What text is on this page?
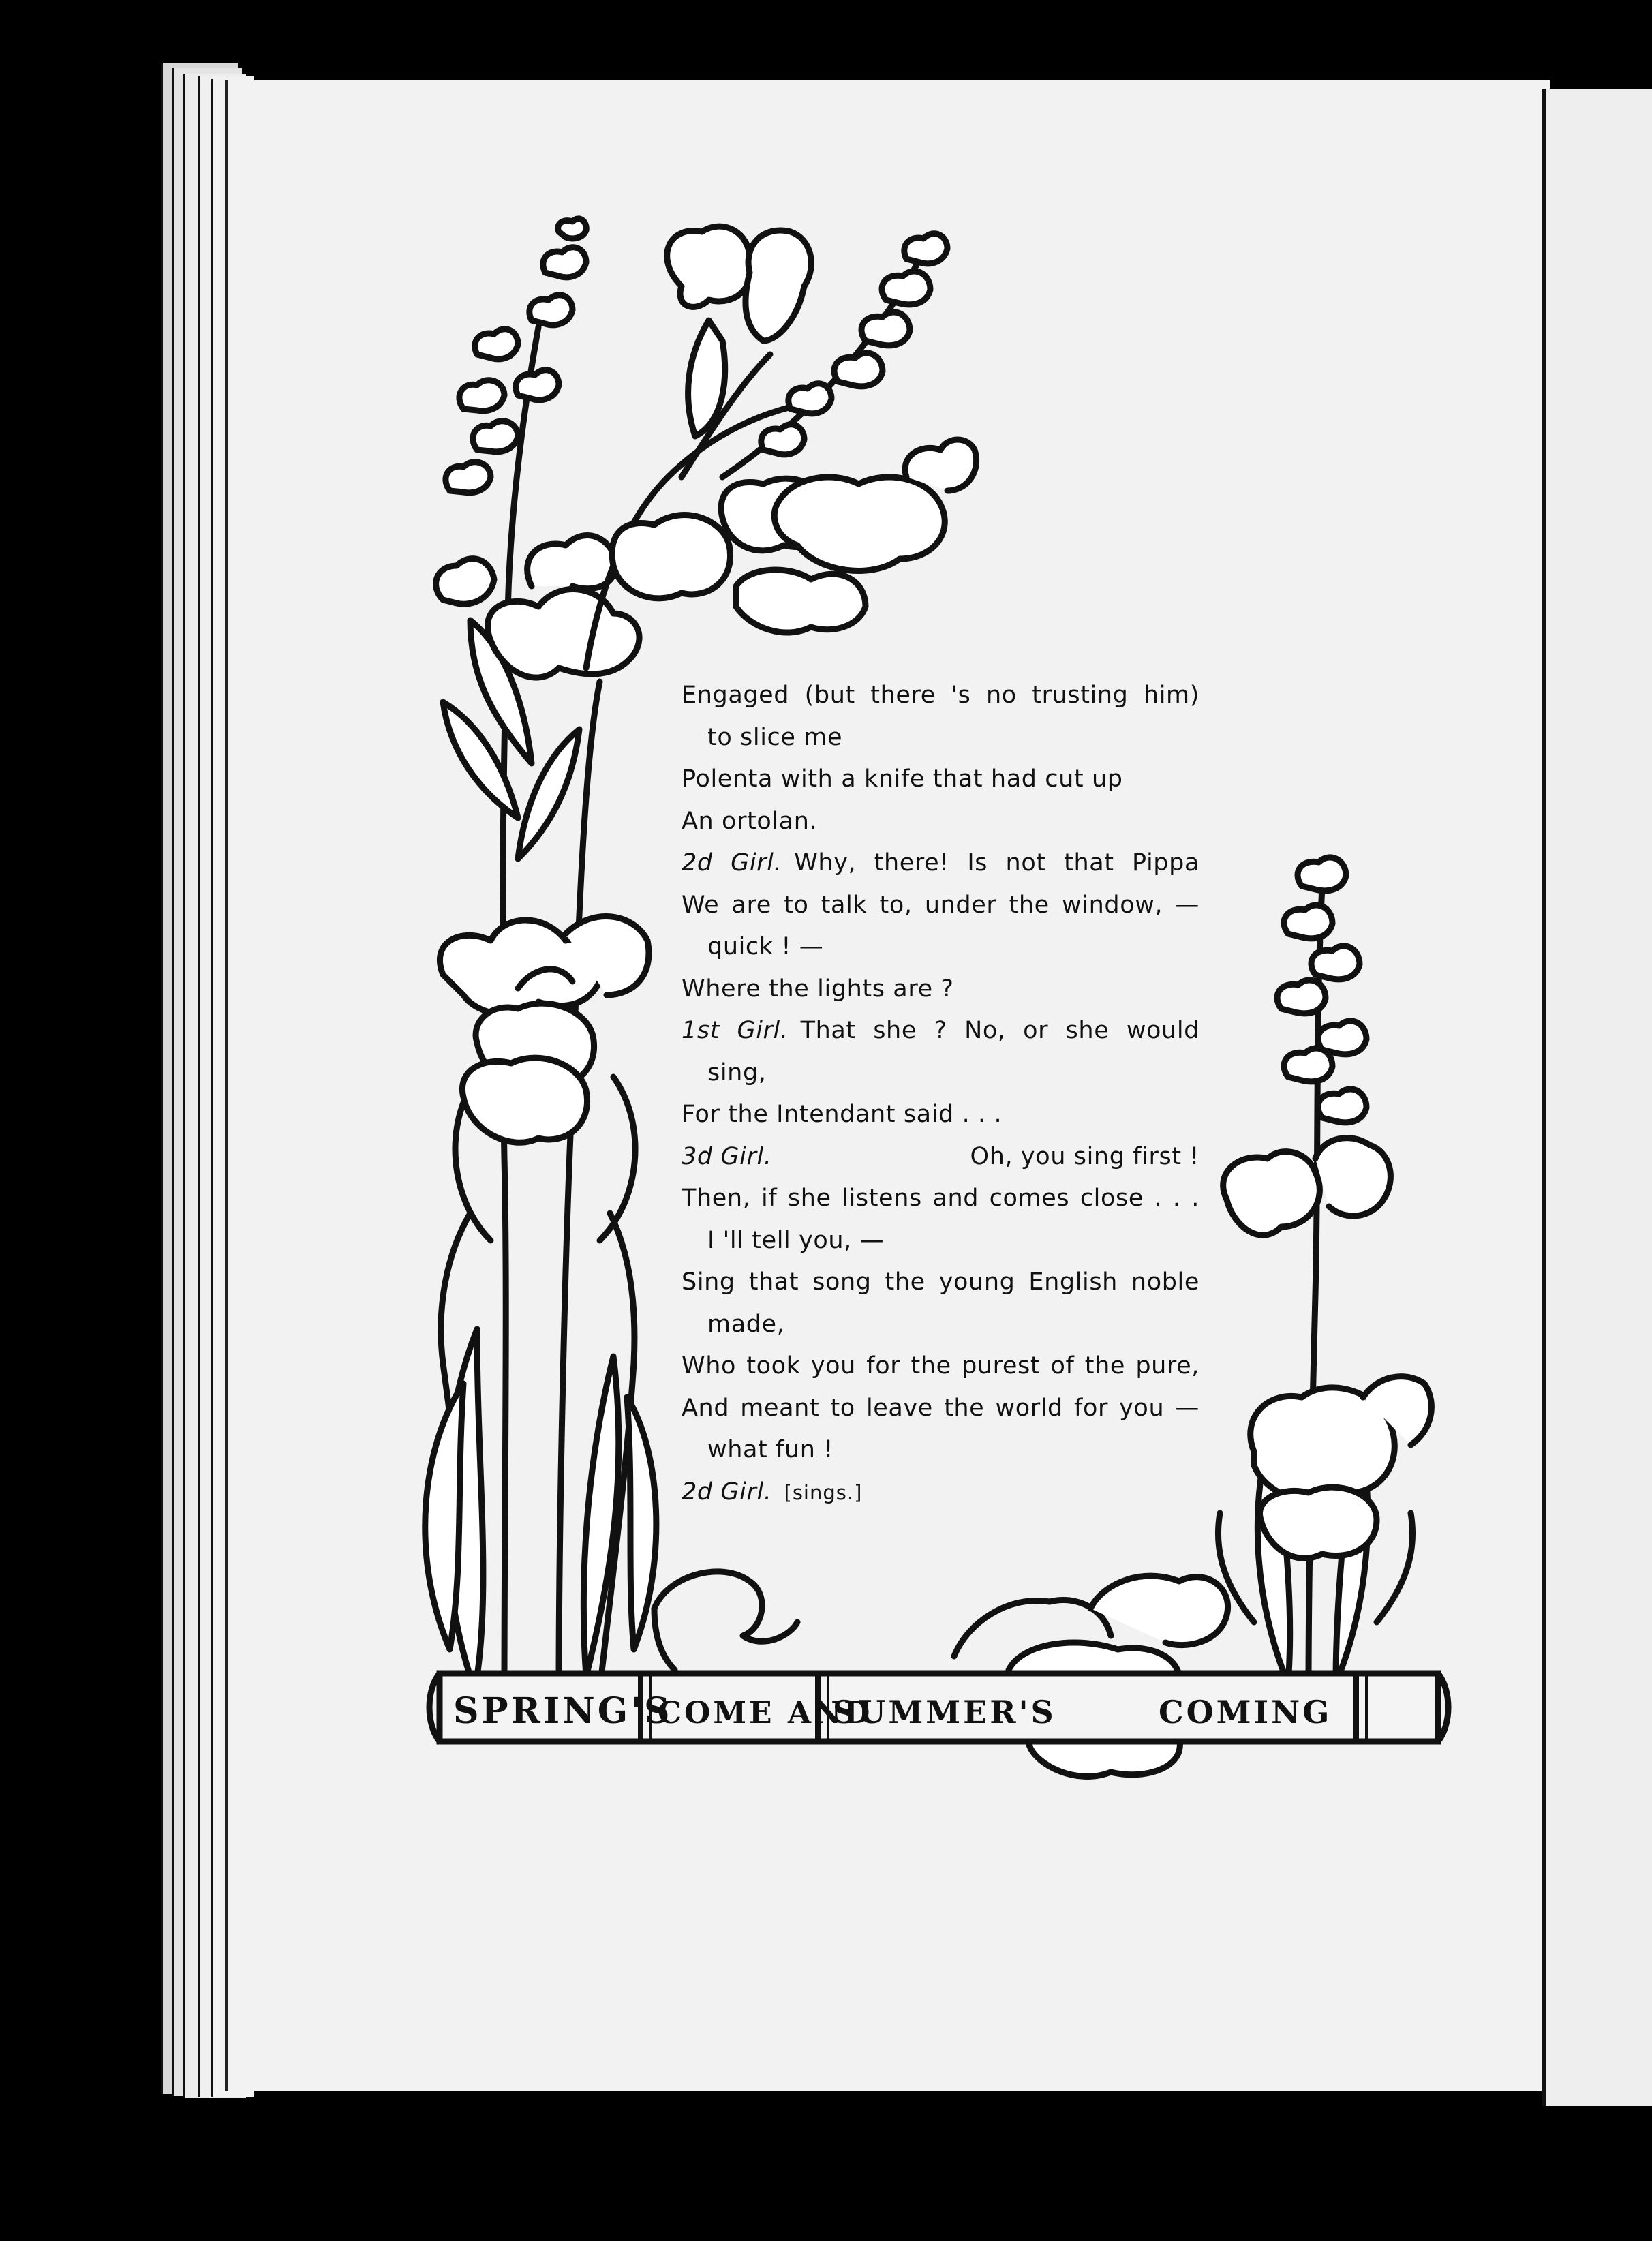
SPRING'S
COME AND
SUMMER'S	COMING
Engaged (but there 's no trusting him)
to slice me
Polenta with a knife that had cut up
An ortolan.
2d Girl. Why, there! Is not that Pippa
We are to talk to, under the window, —
quick ! —
Where the lights are ?
1st Girl. That she ? No, or she would
sing,
For the Intendant said . . .
3d Girl.	Oh, you sing first !
Then, if she listens and comes close . . .
I 'll tell you, —
Sing that song the young English noble
made,
Who took you for the purest of the pure,
And meant to leave the world for you —
what fun !
2d Girl. [sings.]
